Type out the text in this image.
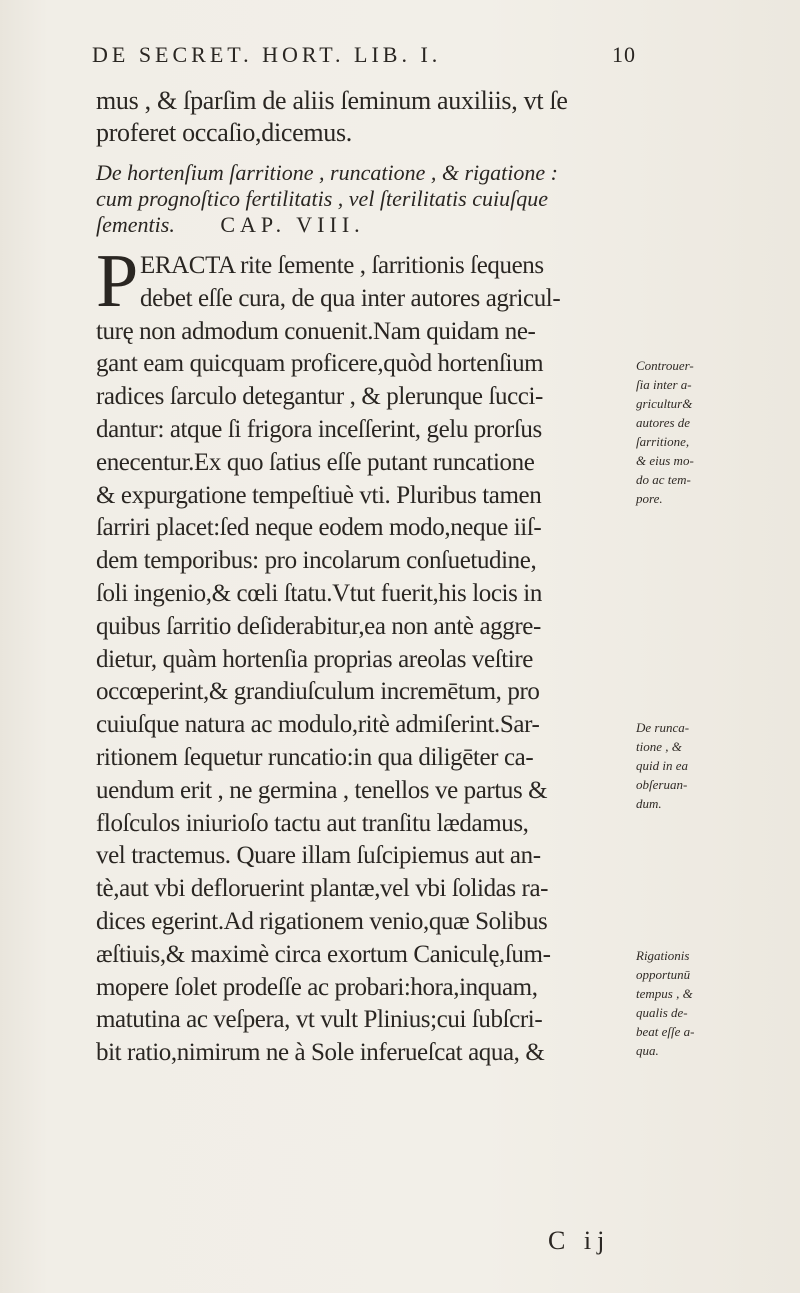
DE SECRET. HORT. LIB. I.	10
mus , & ſparſim de aliis ſeminum auxiliis, vt ſe
proferet occaſio,dicemus.
De hortenſium ſarritione , runcatione , & rigatione :
cum prognoſtico fertilitatis , vel ſterilitatis cuiuſque
ſementis. CAP. VIII.
P ERACTA rite ſemente , ſarritionis ſequens
debet eſſe cura, de qua inter autores agricul-
turę non admodum conuenit.Nam quidam ne-
gant eam quicquam proficere,quòd hortenſium
radices ſarculo detegantur , & plerunque ſucci-
dantur: atque ſi frigora inceſſerint, gelu prorſus
enecentur.Ex quo ſatius eſſe putant runcatione
& expurgatione tempeſtiuè vti. Pluribus tamen
ſarriri placet:ſed neque eodem modo,neque iiſ-
dem temporibus: pro incolarum conſuetudine,
ſoli ingenio,& cœli ſtatu.Vtut fuerit,his locis in
quibus ſarritio deſiderabitur,ea non antè aggre-
dietur, quàm hortenſia proprias areolas veſtire
occœperint,& grandiuſculum incremētum, pro
cuiuſque natura ac modulo,ritè admiſerint.Sar-
ritionem ſequetur runcatio:in qua diligēter ca-
uendum erit , ne germina , tenellos ve partus &
floſculos iniurioſo tactu aut tranſitu lædamus,
vel tractemus. Quare illam ſuſcipiemus aut an-
tè,aut vbi defloruerint plantæ,vel vbi ſolidas ra-
dices egerint.Ad rigationem venio,quæ Solibus
æſtiuis,& maximè circa exortum Caniculę,ſum-
mopere ſolet prodeſſe ac probari:hora,inquam,
matutina ac veſpera, vt vult Plinius;cui ſubſcri-
bit ratio,nimirum ne à Sole inferueſcat aqua, &
Controuer-
ſia inter a-
gricultur&
autores de
ſarritione,
& eius mo-
do ac tem-
pore.
De runca-
tione , &
quid in ea
obſeruan-
dum.
Rigationis
opportunū
tempus , &
qualis de-
beat eſſe a-
qua.
C ij
